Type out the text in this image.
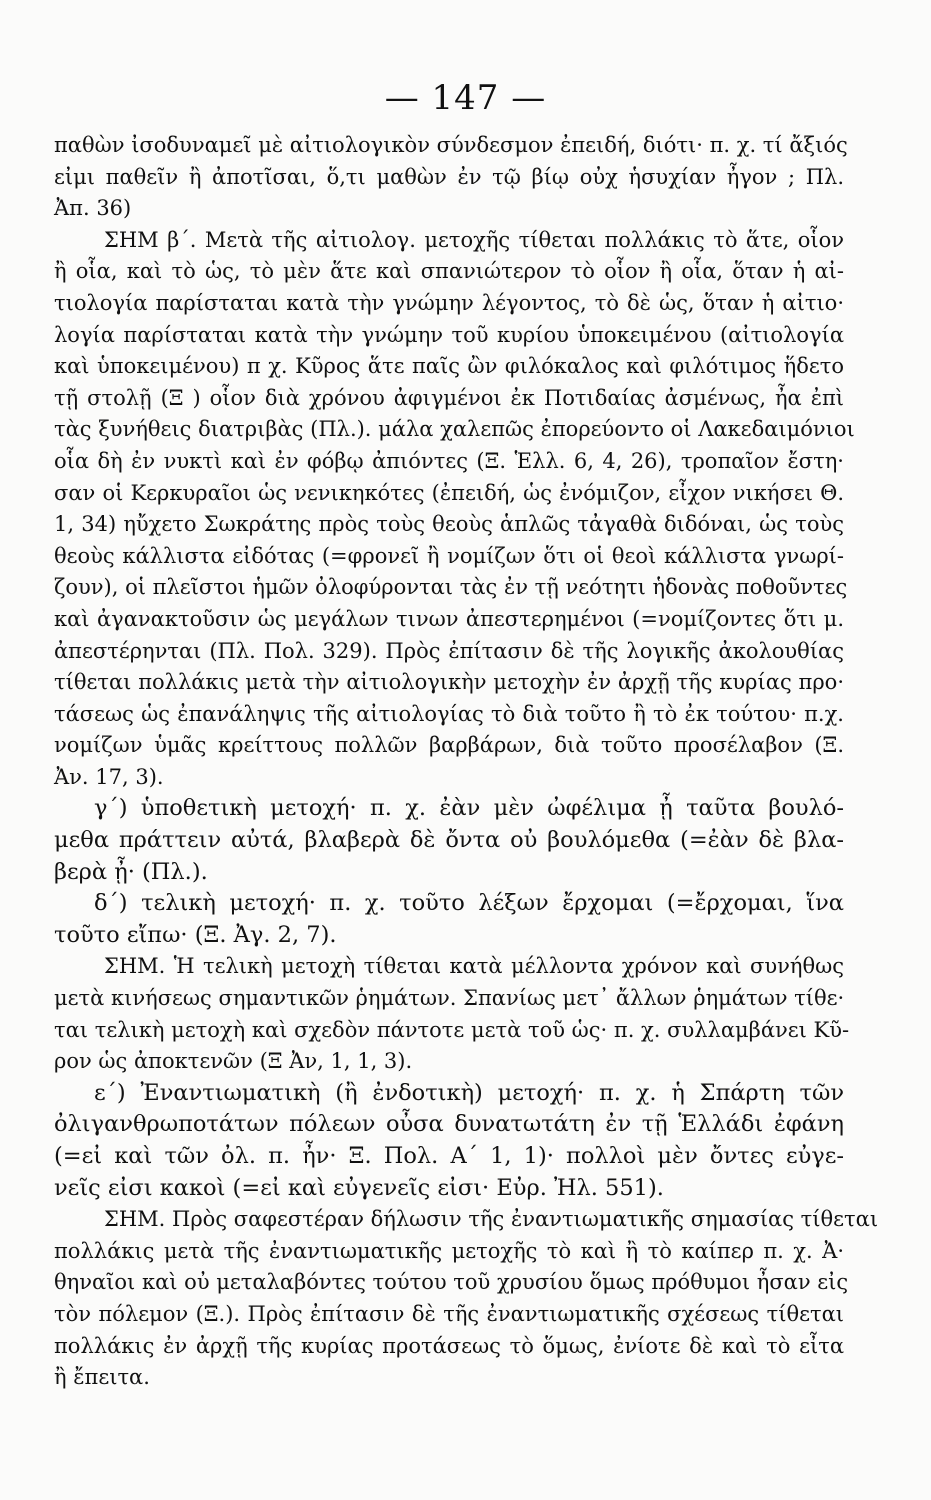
— 147 —
παθὼν ἰσοδυναμεῖ μὲ αἰτιολογικὸν σύνδεσμον ἐπειδή, διότι· π. χ. τί ἄξιός
εἰμι παθεῖν ἢ ἀποτῖσαι, ὅ,τι μαθὼν ἐν τῷ βίῳ οὐχ ἡσυχίαν ἦγον ; Πλ.
Ἀπ. 36)
ΣΗΜ β΄. Μετὰ τῆς αἰτιολογ. μετοχῆς τίθεται πολλάκις τὸ ἅτε, οἷον
ἢ οἷα, καὶ τὸ ὡς, τὸ μὲν ἅτε καὶ σπανιώτερον τὸ οἷον ἢ οἷα, ὅταν ἡ αἰ-
τιολογία παρίσταται κατὰ τὴν γνώμην λέγοντος, τὸ δὲ ὡς, ὅταν ἡ αἰτιο·
λογία παρίσταται κατὰ τὴν γνώμην τοῦ κυρίου ὑποκειμένου (αἰτιολογία
καὶ ὑποκειμένου) π χ. Κῦρος ἅτε παῖς ὢν φιλόκαλος καὶ φιλότιμος ἥδετο
τῇ στολῇ (Ξ ) οἷον διὰ χρόνου ἀφιγμένοι ἐκ Ποτιδαίας ἀσμένως, ἦα ἐπὶ
τὰς ξυνήθεις διατριβὰς (Πλ.). μάλα χαλεπῶς ἐπορεύοντο οἱ Λακεδαιμόνιοι
οἷα δὴ ἐν νυκτὶ καὶ ἐν φόβῳ ἀπιόντες (Ξ. Ἑλλ. 6, 4, 26), τροπαῖον ἔστη·
σαν οἱ Κερκυραῖοι ὡς νενικηκότες (ἐπειδή, ὡς ἐνόμιζον, εἶχον νικήσει Θ.
1, 34) ηὔχετο Σωκράτης πρὸς τοὺς θεοὺς ἁπλῶς τἀγαθὰ διδόναι, ὡς τοὺς
θεοὺς κάλλιστα εἰδότας (=φρονεῖ ἢ νομίζων ὅτι οἱ θεοὶ κάλλιστα γνωρί-
ζουν), οἱ πλεῖστοι ἡμῶν ὀλοφύρονται τὰς ἐν τῇ νεότητι ἡδονὰς ποθοῦντες
καὶ ἀγανακτοῦσιν ὡς μεγάλων τινων ἀπεστερημένοι (=νομίζοντες ὅτι μ.
ἀπεστέρηνται (Πλ. Πολ. 329). Πρὸς ἐπίτασιν δὲ τῆς λογικῆς ἀκολουθίας
τίθεται πολλάκις μετὰ τὴν αἰτιολογικὴν μετοχὴν ἐν ἀρχῇ τῆς κυρίας προ·
τάσεως ὡς ἐπανάληψις τῆς αἰτιολογίας τὸ διὰ τοῦτο ἢ τὸ ἐκ τούτου· π.χ.
νομίζων ὑμᾶς κρείττους πολλῶν βαρβάρων, διὰ τοῦτο προσέλαβον (Ξ.
Ἀν. 17, 3).
γ΄) ὑποθετικὴ μετοχή· π. χ. ἐὰν μὲν ὠφέλιμα ᾖ ταῦτα βουλό-
μεθα πράττειν αὐτά, βλαβερὰ δὲ ὄντα οὐ βουλόμεθα (=ἐὰν δὲ βλα-
βερὰ ᾖ· (Πλ.).
δ΄) τελικὴ μετοχή· π. χ. τοῦτο λέξων ἔρχομαι (=ἔρχομαι, ἵνα
τοῦτο εἴπω· (Ξ. Ἀγ. 2, 7).
ΣΗΜ. Ἡ τελικὴ μετοχὴ τίθεται κατὰ μέλλοντα χρόνον καὶ συνήθως
μετὰ κινήσεως σημαντικῶν ῥημάτων. Σπανίως μετ᾽ ἄλλων ῥημάτων τίθε·
ται τελικὴ μετοχὴ καὶ σχεδὸν πάντοτε μετὰ τοῦ ὡς· π. χ. συλλαμβάνει Κῦ-
ρον ὡς ἀποκτενῶν (Ξ Ἀν, 1, 1, 3).
ε΄) Ἐναντιωματικὴ (ἢ ἐνδοτικὴ) μετοχή· π. χ. ἡ Σπάρτη τῶν
ὀλιγανθρωποτάτων πόλεων οὖσα δυνατωτάτη ἐν τῇ Ἑλλάδι ἐφάνη
(=εἰ καὶ τῶν ὀλ. π. ἦν· Ξ. Πολ. Α΄ 1, 1)· πολλοὶ μὲν ὄντες εὐγε-
νεῖς εἰσι κακοὶ (=εἰ καὶ εὐγενεῖς εἰσι· Εὐρ. Ἠλ. 551).
ΣΗΜ. Πρὸς σαφεστέραν δήλωσιν τῆς ἐναντιωματικῆς σημασίας τίθεται
πολλάκις μετὰ τῆς ἐναντιωματικῆς μετοχῆς τὸ καὶ ἢ τὸ καίπερ π. χ. Ἀ·
θηναῖοι καὶ οὐ μεταλαβόντες τούτου τοῦ χρυσίου ὅμως πρόθυμοι ἦσαν εἰς
τὸν πόλεμον (Ξ.). Πρὸς ἐπίτασιν δὲ τῆς ἐναντιωματικῆς σχέσεως τίθεται
πολλάκις ἐν ἀρχῇ τῆς κυρίας προτάσεως τὸ ὅμως, ἐνίοτε δὲ καὶ τὸ εἶτα
ἢ ἔπειτα.
